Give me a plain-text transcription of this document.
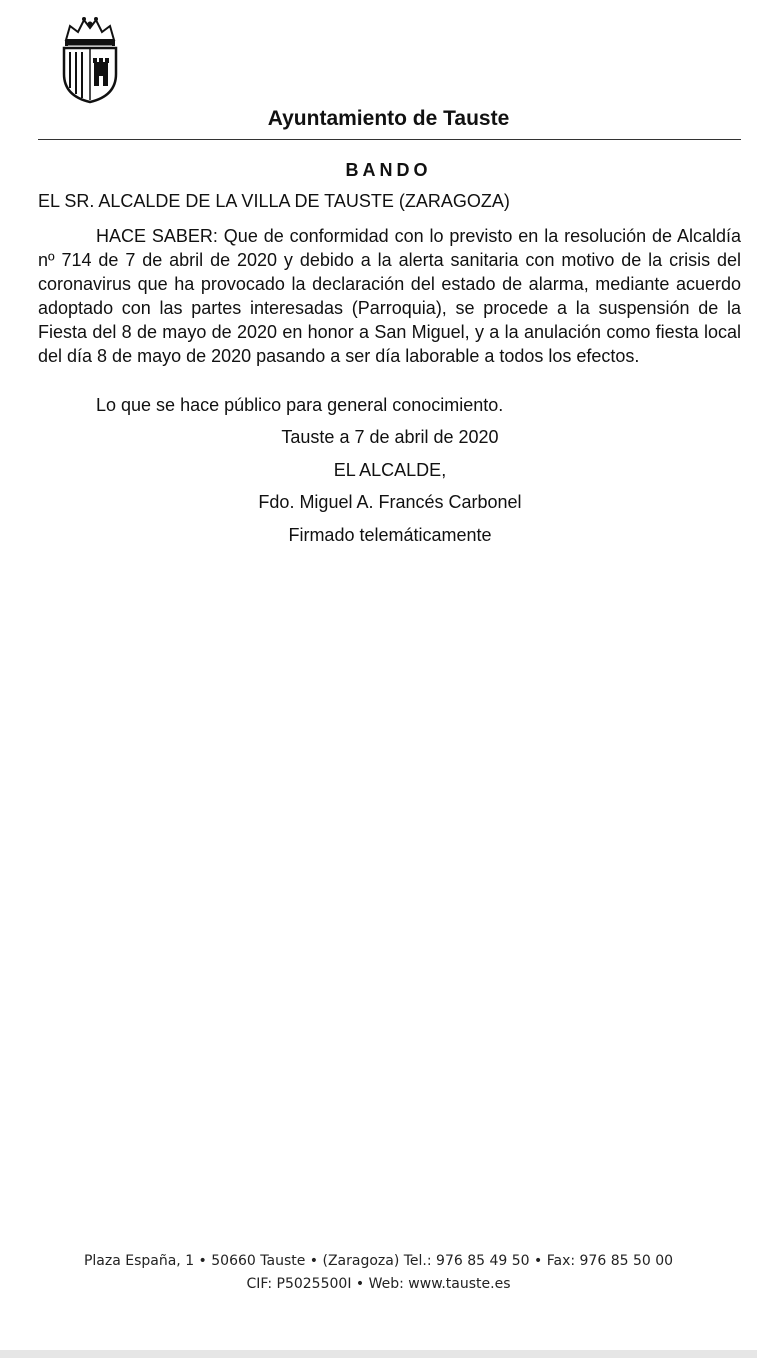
Ayuntamiento de Tauste
BANDO
EL SR. ALCALDE DE LA VILLA DE TAUSTE (ZARAGOZA)
HACE SABER: Que de conformidad con lo previsto en la resolución de Alcaldía nº 714 de 7 de abril de 2020 y debido a la alerta sanitaria con motivo de la crisis del coronavirus que ha provocado la declaración del estado de alarma, mediante acuerdo adoptado con las partes interesadas (Parroquia), se procede a la suspensión de la Fiesta del 8 de mayo de 2020 en honor a San Miguel, y a la anulación como fiesta local del día 8 de mayo de 2020 pasando a ser día laborable a todos los efectos.
Lo que se hace público para general conocimiento.
Tauste a 7 de abril de 2020
EL ALCALDE,
Fdo. Miguel A. Francés Carbonel
Firmado telemáticamente
Plaza España, 1 • 50660 Tauste • (Zaragoza) Tel.: 976 85 49 50 • Fax: 976 85 50 00
CIF: P5025500I • Web: www.tauste.es
